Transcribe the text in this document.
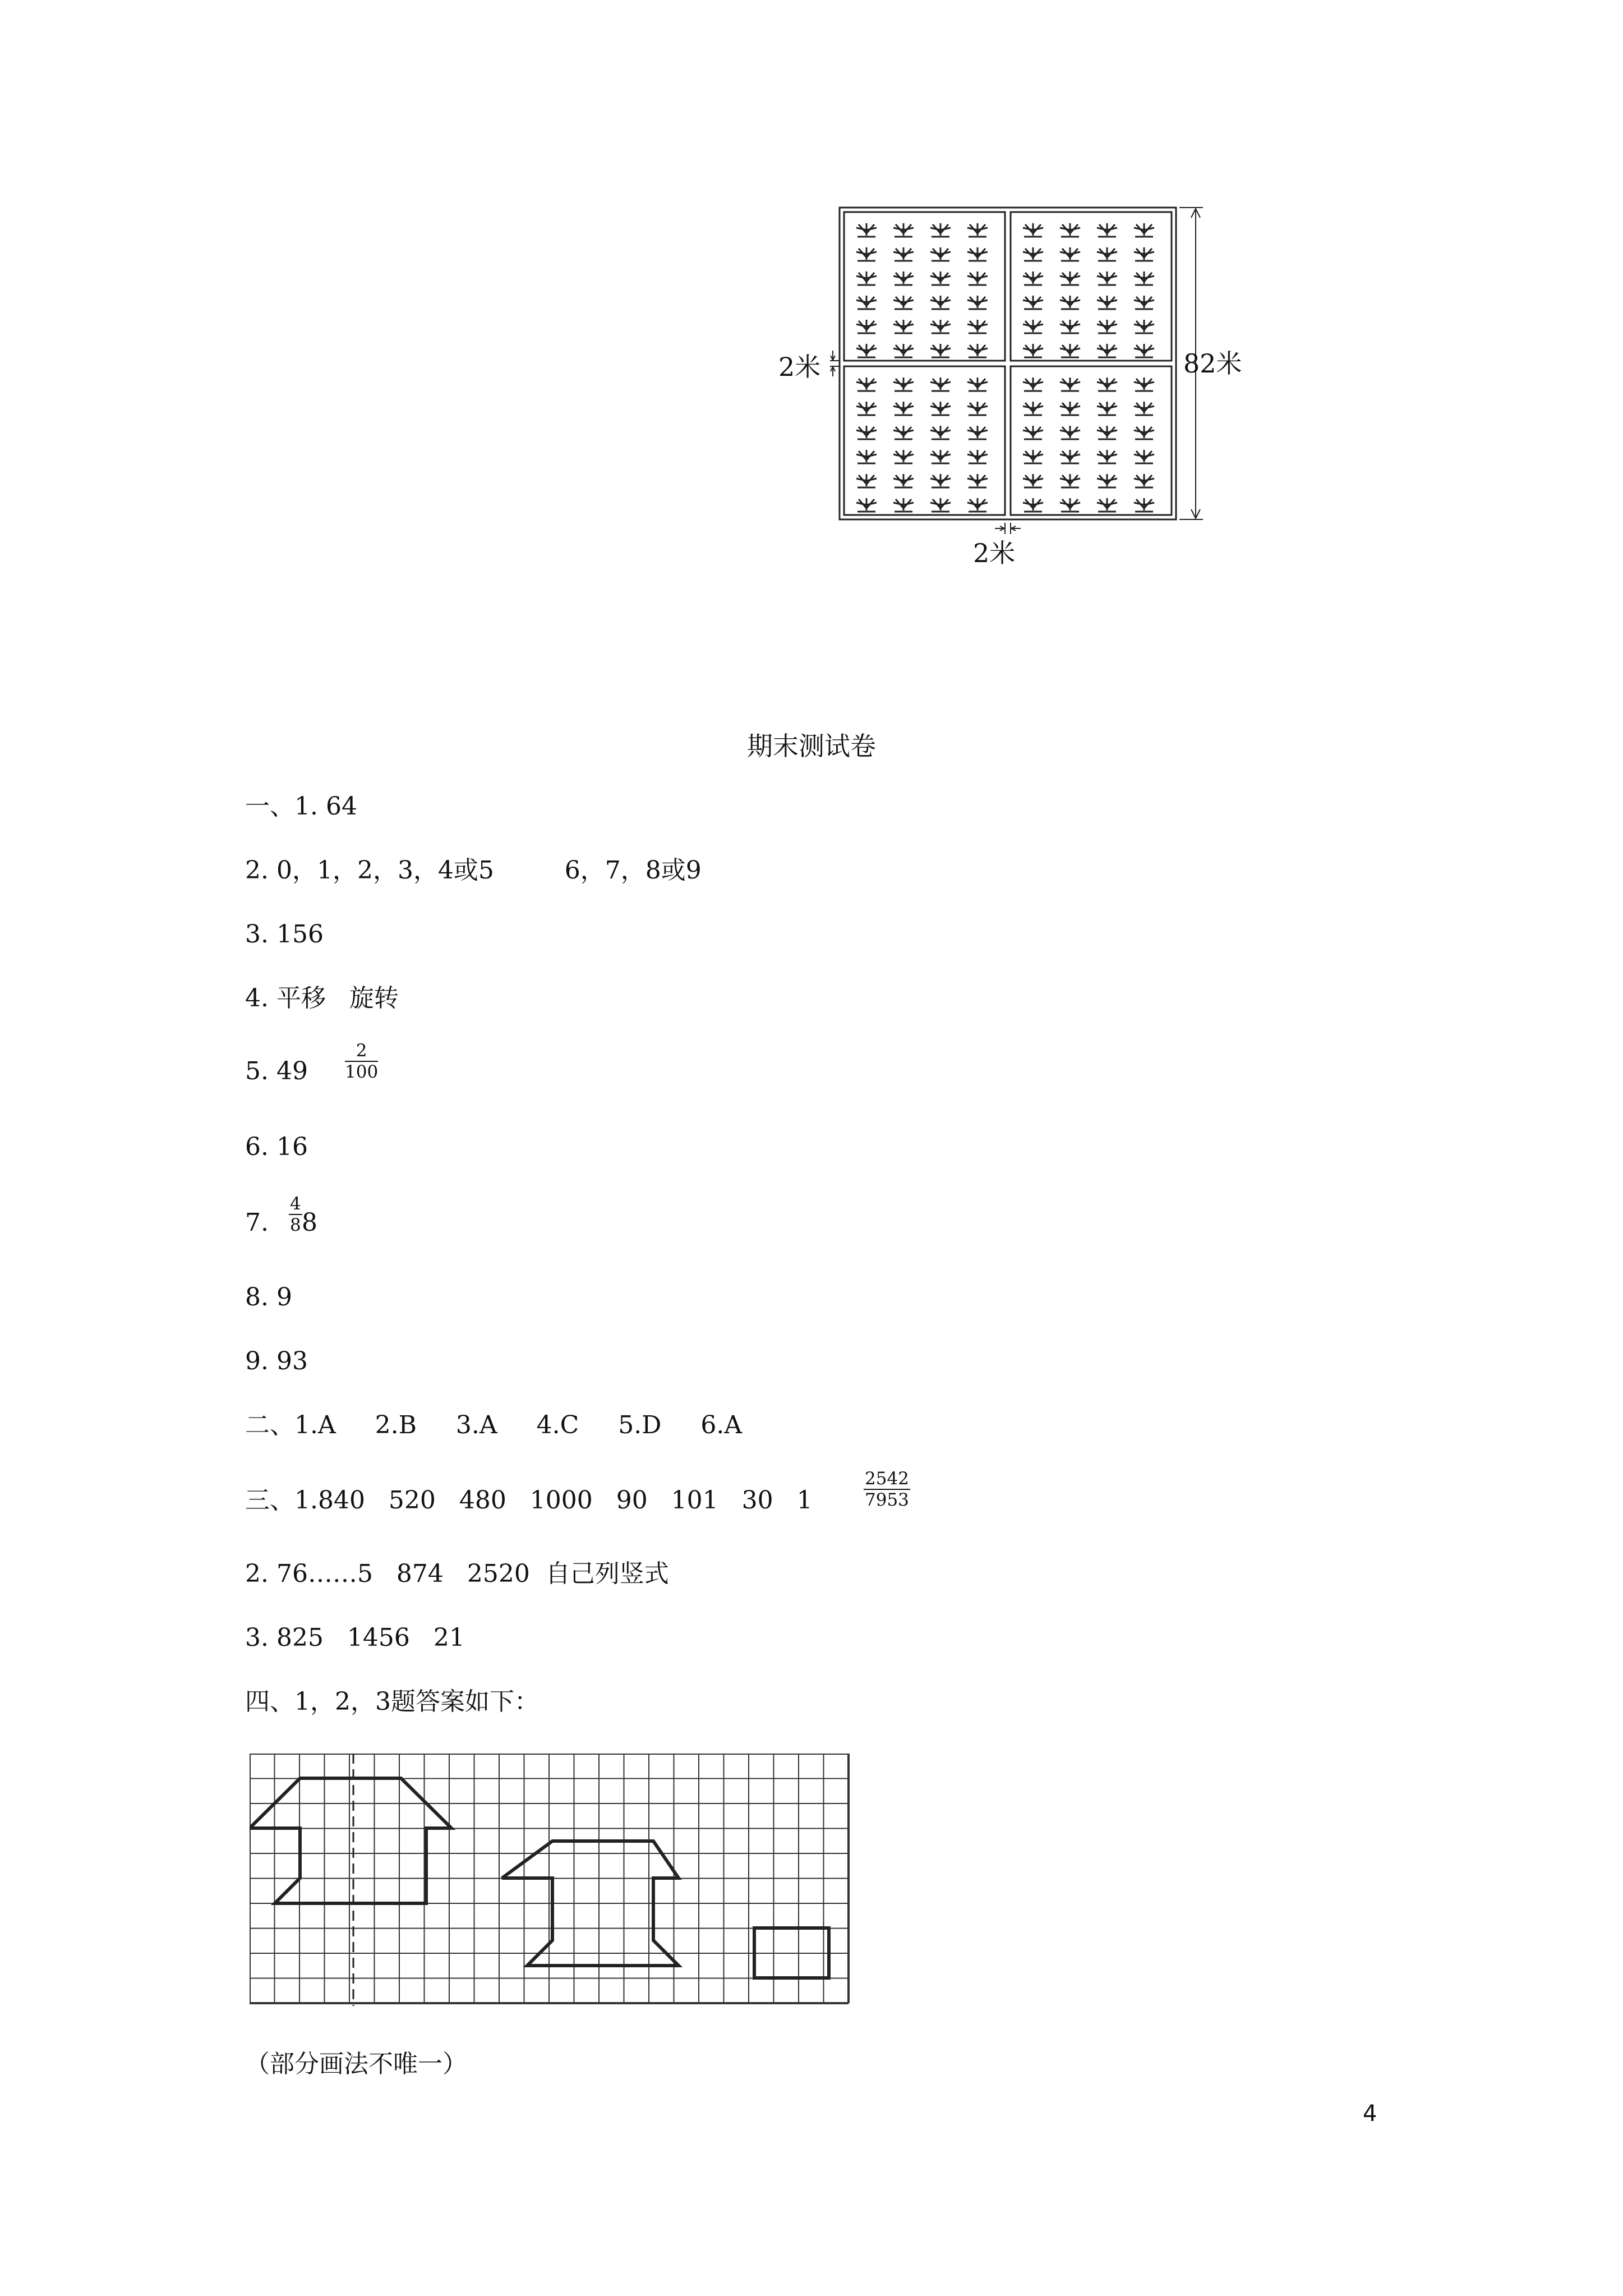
2米	82米
2米
期末测试卷
一、1. 64
2. 0，1，2，3，4或5         6，7，8或9
3. 156
4. 平移   旋转
5. $49 \frac{2}{100}$
6. 16
7. $\frac{4}{8} 8$
8. 9
9. 93
二、1.A     2.B     3.A     4.C     5.D     6.A
三、1.840   520   480   1000   90   101   30   1	$\frac{2542}{7953}$
2. 76……5   874   2520  自己列竖式
3. 825   1456   21
四、1，2，3题答案如下：
（部分画法不唯一）
4
